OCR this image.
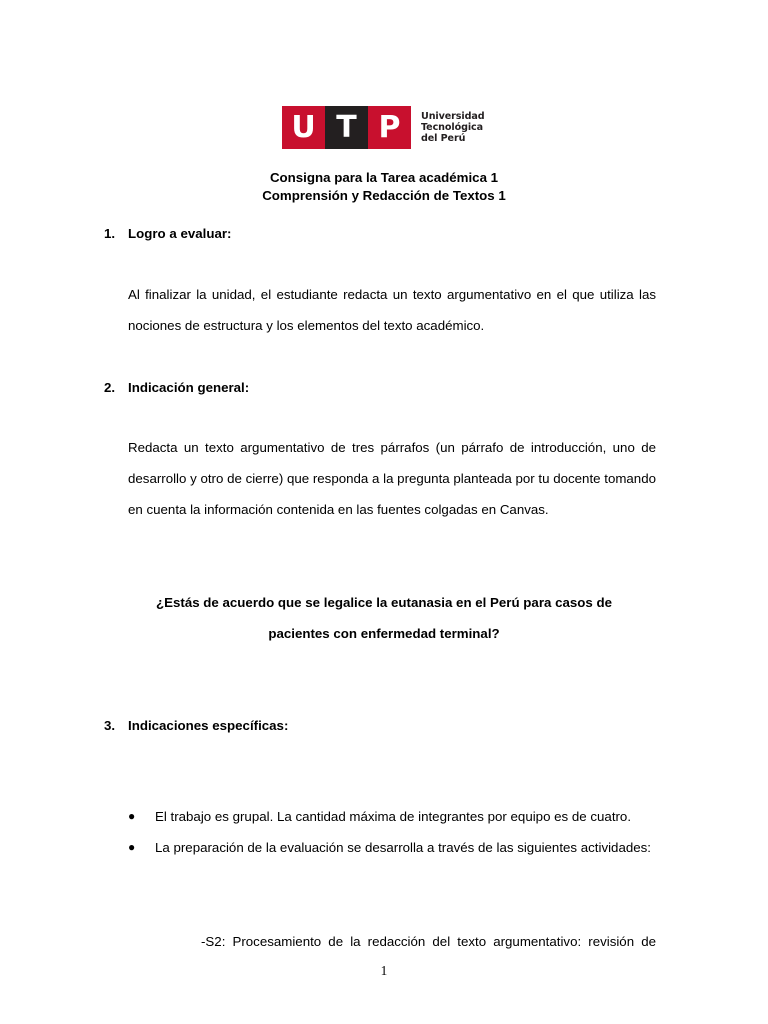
U T P	Universidad
Tecnológica
del Perú
Consigna para la Tarea académica 1
Comprensión y Redacción de Textos 1
1. Logro a evaluar:
Al finalizar la unidad, el estudiante redacta un texto argumentativo en el que utiliza las nociones de estructura y los elementos del texto académico.
2. Indicación general:
Redacta un texto argumentativo de tres párrafos (un párrafo de introducción, uno de desarrollo y otro de cierre) que responda a la pregunta planteada por tu docente tomando en cuenta la información contenida en las fuentes colgadas en Canvas.
¿Estás de acuerdo que se legalice la eutanasia en el Perú para casos de
pacientes con enfermedad terminal?
3. Indicaciones específicas:
● El trabajo es grupal. La cantidad máxima de integrantes por equipo es de cuatro.
● La preparación de la evaluación se desarrolla a través de las siguientes actividades:
-S2: Procesamiento de la redacción del texto argumentativo: revisión de
1
